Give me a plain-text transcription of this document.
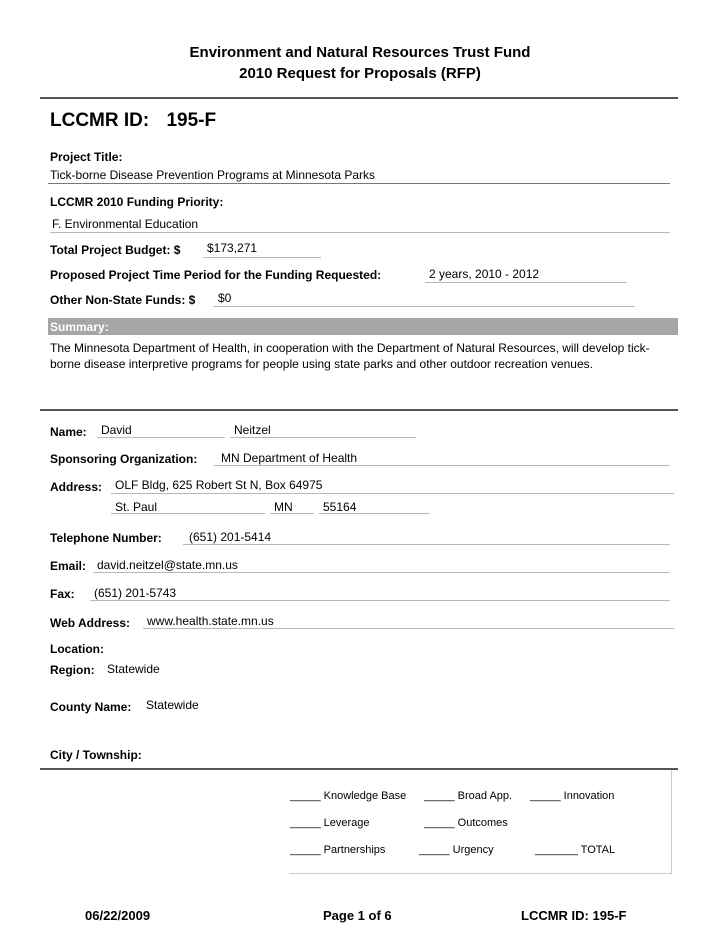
Environment and Natural Resources Trust Fund
2010 Request for Proposals (RFP)
LCCMR ID: 195-F
Project Title:
Tick-borne Disease Prevention Programs at Minnesota Parks
LCCMR 2010 Funding Priority:
F. Environmental Education
Total Project Budget: $ $173,271
Proposed Project Time Period for the Funding Requested:	2 years, 2010 - 2012
Other Non-State Funds: $ $0
Summary:
The Minnesota Department of Health, in cooperation with the Department of Natural Resources, will develop tick-borne disease interpretive programs for people using state parks and other outdoor recreation venues.
Name: David	Neitzel
Sponsoring Organization: MN Department of Health
Address: OLF Bldg, 625 Robert St N, Box 64975
St. Paul	MN	55164
Telephone Number: (651) 201-5414
Email: david.neitzel@state.mn.us
Fax: (651) 201-5743
Web Address: www.health.state.mn.us
Location:
Region: Statewide
County Name: Statewide
City / Township:
_____ Knowledge Base _____ Broad App. _____ Innovation
_____ Leverage	_____ Outcomes
_____ Partnerships	_____ Urgency	_______ TOTAL
06/22/2009	Page 1 of 6	LCCMR ID: 195-F
